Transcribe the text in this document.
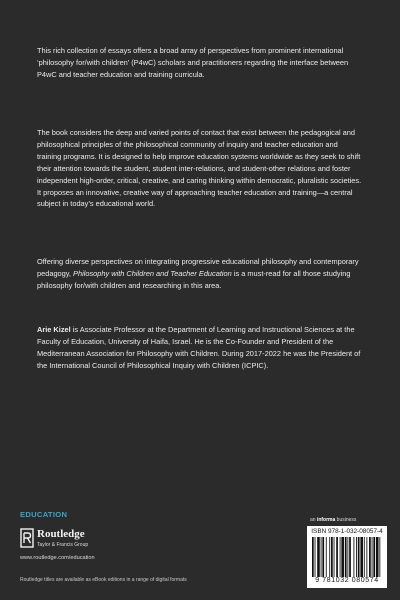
This rich collection of essays offers a broad array of perspectives from prominent international ‘philosophy for/with children’ (P4wC) scholars and practitioners regarding the interface between P4wC and teacher education and training curricula.

The book considers the deep and varied points of contact that exist between the pedagogical and philosophical principles of the philosophical community of inquiry and teacher education and training programs. It is designed to help improve education systems worldwide as they seek to shift their attention towards the student, student inter-relations, and student-other relations and foster independent high-order, critical, creative, and caring thinking within democratic, pluralistic societies. It proposes an innovative, creative way of approaching teacher education and training—a central subject in today’s educational world.

Offering diverse perspectives on integrating progressive educational philosophy and contemporary pedagogy, Philosophy with Children and Teacher Education is a must-read for all those studying philosophy for/with children and researching in this area.

Arie Kizel is Associate Professor at the Department of Learning and Instructional Sciences at the Faculty of Education, University of Haifa, Israel. He is the Co-Founder and President of the Mediterranean Association for Philosophy with Children. During 2017-2022 he was the President of the International Council of Philosophical Inquiry with Children (ICPIC).

EDUCATION
Routledge
Taylor & Francis Group
www.routledge.com/education
an informa business
ISBN 978-1-032-08057-4
9 781032 080574
Routledge titles are available as eBook editions in a range of digital formats
